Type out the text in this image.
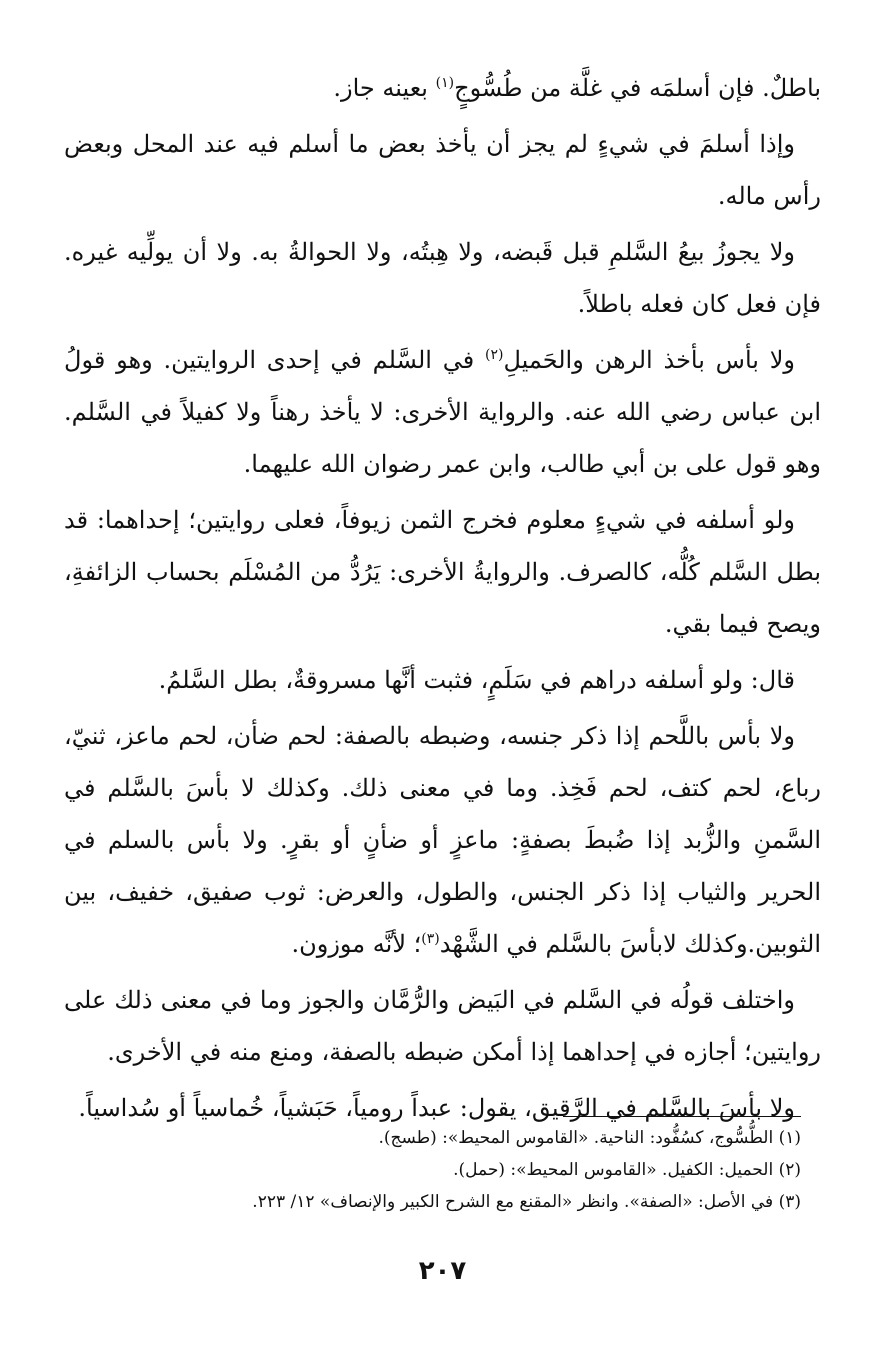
باطلٌ. فإن أسلمَه في غلَّة من طُسُّوجٍ$^{(١)}$ بعينه جاز.

وإذا أسلمَ في شيءٍ لم يجز أن يأخذ بعض ما أسلم فيه عند المحل وبعض رأس ماله.

ولا يجوزُ بيعُ السَّلمِ قبل قَبضه، ولا هِبتُه، ولا الحوالةُ به. ولا أن يولِّيه غيره. فإن فعل كان فعله باطلاً.

ولا بأس بأخذ الرهن والحَميلِ$^{(٢)}$ في السَّلم في إحدى الروايتين. وهو قولُ ابن عباس رضي الله عنه. والرواية الأخرى: لا يأخذ رهناً ولا كفيلاً في السَّلم. وهو قول على بن أبي طالب، وابن عمر رضوان الله عليهما.

ولو أسلفه في شيءٍ معلوم فخرج الثمن زيوفاً، فعلى روايتين؛ إحداهما: قد بطل السَّلم كُلُّه، كالصرف. والروايةُ الأخرى: يَرُدُّ من المُسْلَم بحساب الزائفةِ، ويصح فيما بقي.

قال: ولو أسلفه دراهم في سَلَمٍ، فثبت أنَّها مسروقةٌ، بطل السَّلمُ.

ولا بأس باللَّحم إذا ذكر جنسه، وضبطه بالصفة: لحم ضأن، لحم ماعز، ثنيّ، رباع، لحم كتف، لحم فَخِذ. وما في معنى ذلك. وكذلك لا بأسَ بالسَّلم في السَّمنِ والزُّبد إذا ضُبطَ بصفةٍ: ماعزٍ أو ضأنٍ أو بقرٍ. ولا بأس بالسلم في الحرير والثياب إذا ذكر الجنس، والطول، والعرض: ثوب صفيق، خفيف، بين الثوبين.وكذلك لابأسَ بالسَّلم في الشَّهْد$^{(٣)}$؛ لأنَّه موزون.

واختلف قولُه في السَّلم في البَيض والرُّمَّان والجوز وما في معنى ذلك على روايتين؛ أجازه في إحداهما إذا أمكن ضبطه بالصفة، ومنع منه في الأخرى.

ولا بأسَ بالسَّلم في الرَّقيق، يقول: عبداً رومياً، حَبَشياً، خُماسياً أو سُداسياً.

(١) الطُّسُّوج، كسُفُّود: الناحية. «القاموس المحيط»: (طسج).

(٢) الحميل: الكفيل. «القاموس المحيط»: (حمل).

(٣) في الأصل: «الصفة». وانظر «المقنع مع الشرح الكبير والإنصاف» ١٢/ ٢٢٣.

٢٠٧
